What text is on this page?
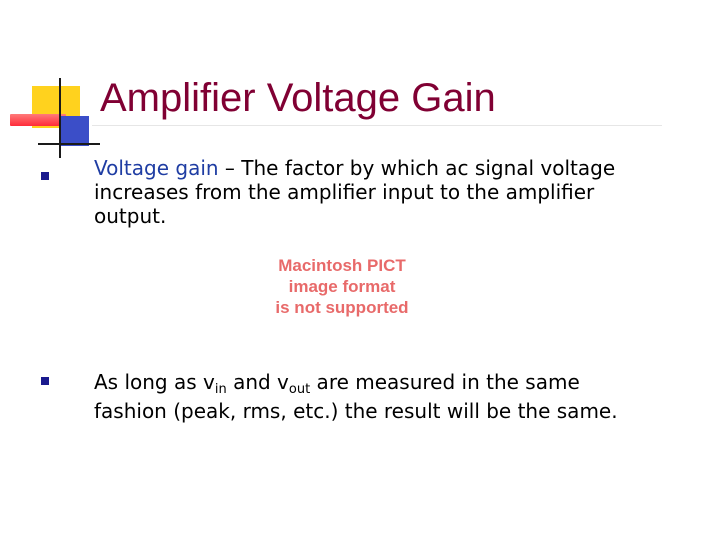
Amplifier Voltage Gain
Voltage gain – The factor by which ac signal voltage increases from the amplifier input to the amplifier output.
Macintosh PICT
image format
is not supported
As long as $v_{in}$ and $v_{out}$ are measured in the same fashion (peak, rms, etc.) the result will be the same.
